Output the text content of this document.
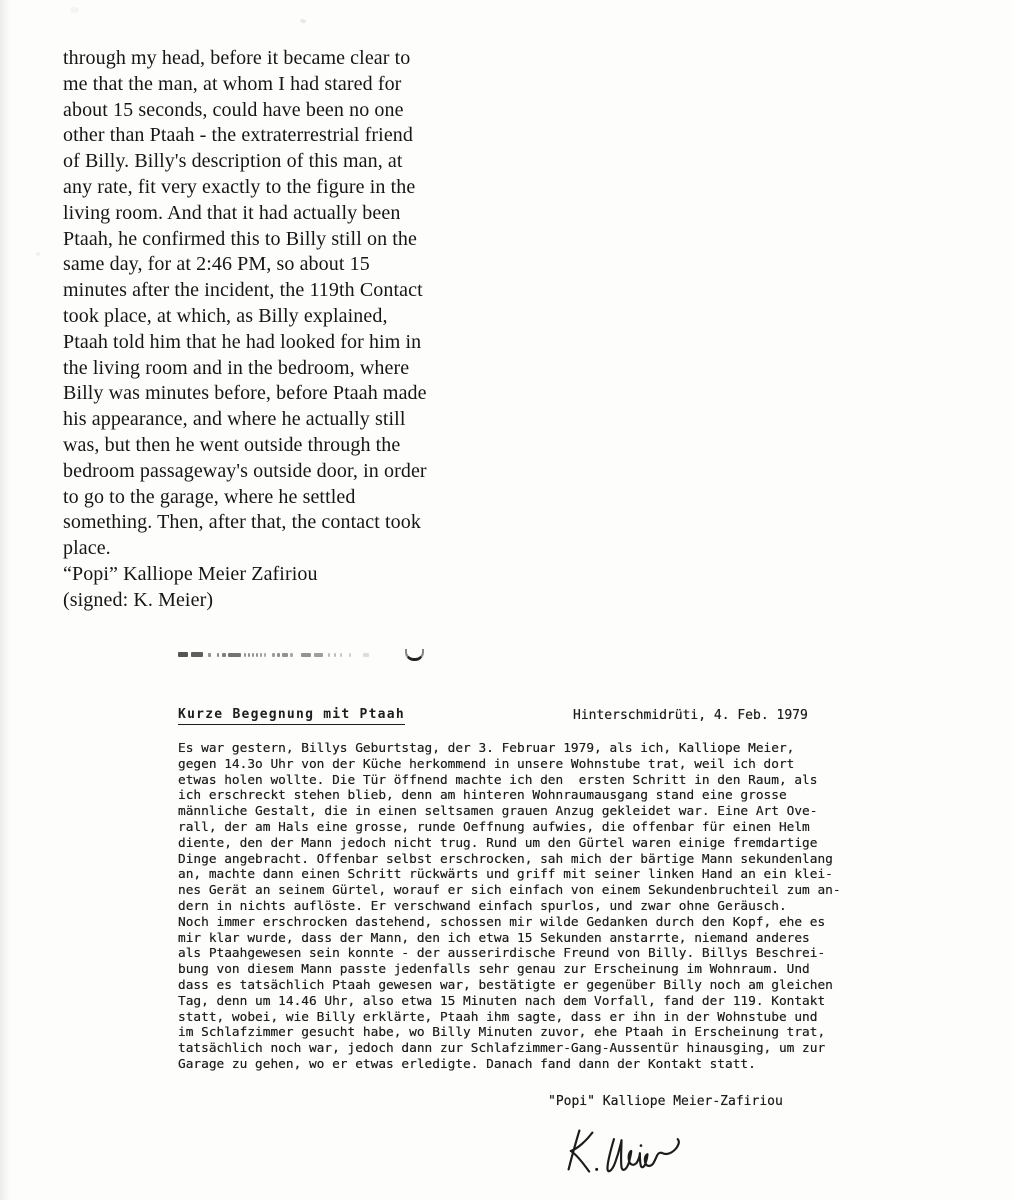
through my head, before it became clear to
me that the man, at whom I had stared for
about 15 seconds, could have been no one
other than Ptaah - the extraterrestrial friend
of Billy. Billy's description of this man, at
any rate, fit very exactly to the figure in the
living room. And that it had actually been
Ptaah, he confirmed this to Billy still on the
same day, for at 2:46 PM, so about 15
minutes after the incident, the 119th Contact
took place, at which, as Billy explained,
Ptaah told him that he had looked for him in
the living room and in the bedroom, where
Billy was minutes before, before Ptaah made
his appearance, and where he actually still
was, but then he went outside through the
bedroom passageway's outside door, in order
to go to the garage, where he settled
something. Then, after that, the contact took
place.
“Popi” Kalliope Meier Zafiriou
(signed: K. Meier)
Kurze Begegnung mit Ptaah	Hinterschmidrüti, 4. Feb. 1979
Es war gestern, Billys Geburtstag, der 3. Februar 1979, als ich, Kalliope Meier,
gegen 14.3o Uhr von der Küche herkommend in unsere Wohnstube trat, weil ich dort
etwas holen wollte. Die Tür öffnend machte ich den  ersten Schritt in den Raum, als
ich erschreckt stehen blieb, denn am hinteren Wohnraumausgang stand eine grosse
männliche Gestalt, die in einen seltsamen grauen Anzug gekleidet war. Eine Art Ove-
rall, der am Hals eine grosse, runde Oeffnung aufwies, die offenbar für einen Helm
diente, den der Mann jedoch nicht trug. Rund um den Gürtel waren einige fremdartige
Dinge angebracht. Offenbar selbst erschrocken, sah mich der bärtige Mann sekundenlang
an, machte dann einen Schritt rückwärts und griff mit seiner linken Hand an ein klei-
nes Gerät an seinem Gürtel, worauf er sich einfach von einem Sekundenbruchteil zum an-
dern in nichts auflöste. Er verschwand einfach spurlos, und zwar ohne Geräusch.
Noch immer erschrocken dastehend, schossen mir wilde Gedanken durch den Kopf, ehe es
mir klar wurde, dass der Mann, den ich etwa 15 Sekunden anstarrte, niemand anderes
als Ptaahgewesen sein konnte - der ausserirdische Freund von Billy. Billys Beschrei-
bung von diesem Mann passte jedenfalls sehr genau zur Erscheinung im Wohnraum. Und
dass es tatsächlich Ptaah gewesen war, bestätigte er gegenüber Billy noch am gleichen
Tag, denn um 14.46 Uhr, also etwa 15 Minuten nach dem Vorfall, fand der 119. Kontakt
statt, wobei, wie Billy erklärte, Ptaah ihm sagte, dass er ihn in der Wohnstube und
im Schlafzimmer gesucht habe, wo Billy Minuten zuvor, ehe Ptaah in Erscheinung trat,
tatsächlich noch war, jedoch dann zur Schlafzimmer-Gang-Aussentür hinausging, um zur
Garage zu gehen, wo er etwas erledigte. Danach fand dann der Kontakt statt.
"Popi" Kalliope Meier-Zafiriou
